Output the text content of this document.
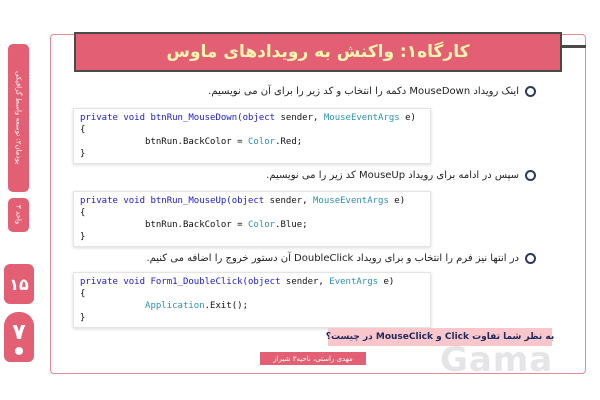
کارگاه۱: واکنش به رویدادهای ماوس
پودمان۲: توسعه واسط گرافیکی
واحد ۳
۱۵
۷
اینک رویداد MouseDown دکمه را انتخاب و کد زیر را برای آن می نویسیم.
private void btnRun_MouseDown(object sender, MouseEventArgs e)
{
btnRun.BackColor = Color.Red;
}
سپس در ادامه برای رویداد MouseUp کد زیر را می نویسیم.
private void btnRun_MouseUp(object sender, MouseEventArgs e)
{
btnRun.BackColor = Color.Blue;
}
در انتها نیز فرم را انتخاب و برای رویداد DoubleClick آن دستور خروج را اضافه می کنیم.
private void Form1_DoubleClick(object sender, EventArgs e)
{
Application.Exit();
}
به نظر شما تفاوت Click و MouseClick در چیست؟
مهدی راستی، ناحیه۳ شیراز	Gama
